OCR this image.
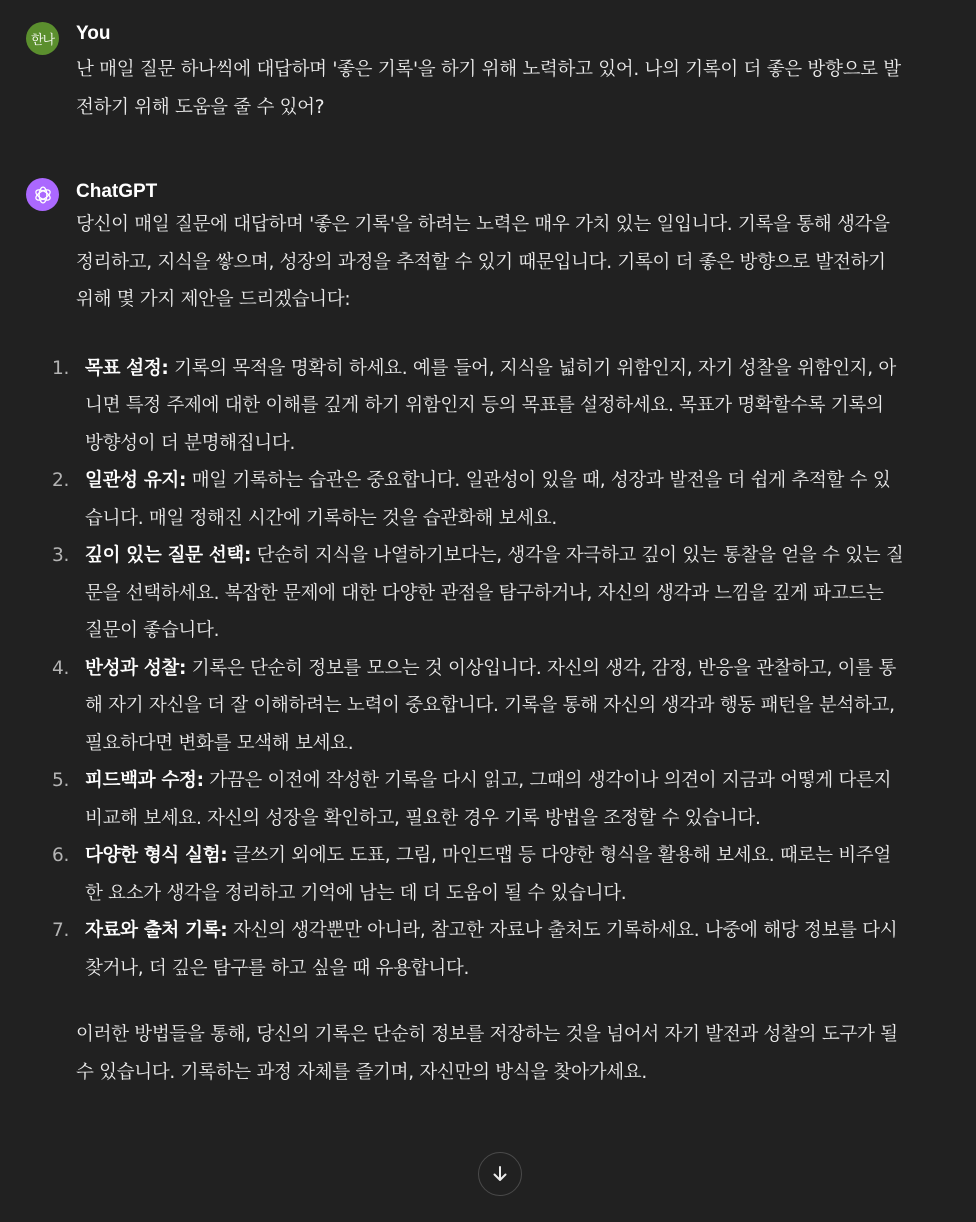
한나 You

난 매일 질문 하나씩에 대답하며 '좋은 기록'을 하기 위해 노력하고 있어. 나의 기록이 더 좋은 방향으로 발전하기 위해 도움을 줄 수 있어?

ChatGPT

당신이 매일 질문에 대답하며 '좋은 기록'을 하려는 노력은 매우 가치 있는 일입니다. 기록을 통해 생각을 정리하고, 지식을 쌓으며, 성장의 과정을 추적할 수 있기 때문입니다. 기록이 더 좋은 방향으로 발전하기 위해 몇 가지 제안을 드리겠습니다:

1. 목표 설정: 기록의 목적을 명확히 하세요. 예를 들어, 지식을 넓히기 위함인지, 자기 성찰을 위함인지, 아니면 특정 주제에 대한 이해를 깊게 하기 위함인지 등의 목표를 설정하세요. 목표가 명확할수록 기록의 방향성이 더 분명해집니다.
2. 일관성 유지: 매일 기록하는 습관은 중요합니다. 일관성이 있을 때, 성장과 발전을 더 쉽게 추적할 수 있습니다. 매일 정해진 시간에 기록하는 것을 습관화해 보세요.
3. 깊이 있는 질문 선택: 단순히 지식을 나열하기보다는, 생각을 자극하고 깊이 있는 통찰을 얻을 수 있는 질문을 선택하세요. 복잡한 문제에 대한 다양한 관점을 탐구하거나, 자신의 생각과 느낌을 깊게 파고드는 질문이 좋습니다.
4. 반성과 성찰: 기록은 단순히 정보를 모으는 것 이상입니다. 자신의 생각, 감정, 반응을 관찰하고, 이를 통해 자기 자신을 더 잘 이해하려는 노력이 중요합니다. 기록을 통해 자신의 생각과 행동 패턴을 분석하고, 필요하다면 변화를 모색해 보세요.
5. 피드백과 수정: 가끔은 이전에 작성한 기록을 다시 읽고, 그때의 생각이나 의견이 지금과 어떻게 다른지 비교해 보세요. 자신의 성장을 확인하고, 필요한 경우 기록 방법을 조정할 수 있습니다.
6. 다양한 형식 실험: 글쓰기 외에도 도표, 그림, 마인드맵 등 다양한 형식을 활용해 보세요. 때로는 비주얼한 요소가 생각을 정리하고 기억에 남는 데 더 도움이 될 수 있습니다.
7. 자료와 출처 기록: 자신의 생각뿐만 아니라, 참고한 자료나 출처도 기록하세요. 나중에 해당 정보를 다시 찾거나, 더 깊은 탐구를 하고 싶을 때 유용합니다.

이러한 방법들을 통해, 당신의 기록은 단순히 정보를 저장하는 것을 넘어서 자기 발전과 성찰의 도구가 될 수 있습니다. 기록하는 과정 자체를 즐기며, 자신만의 방식을 찾아가세요.
